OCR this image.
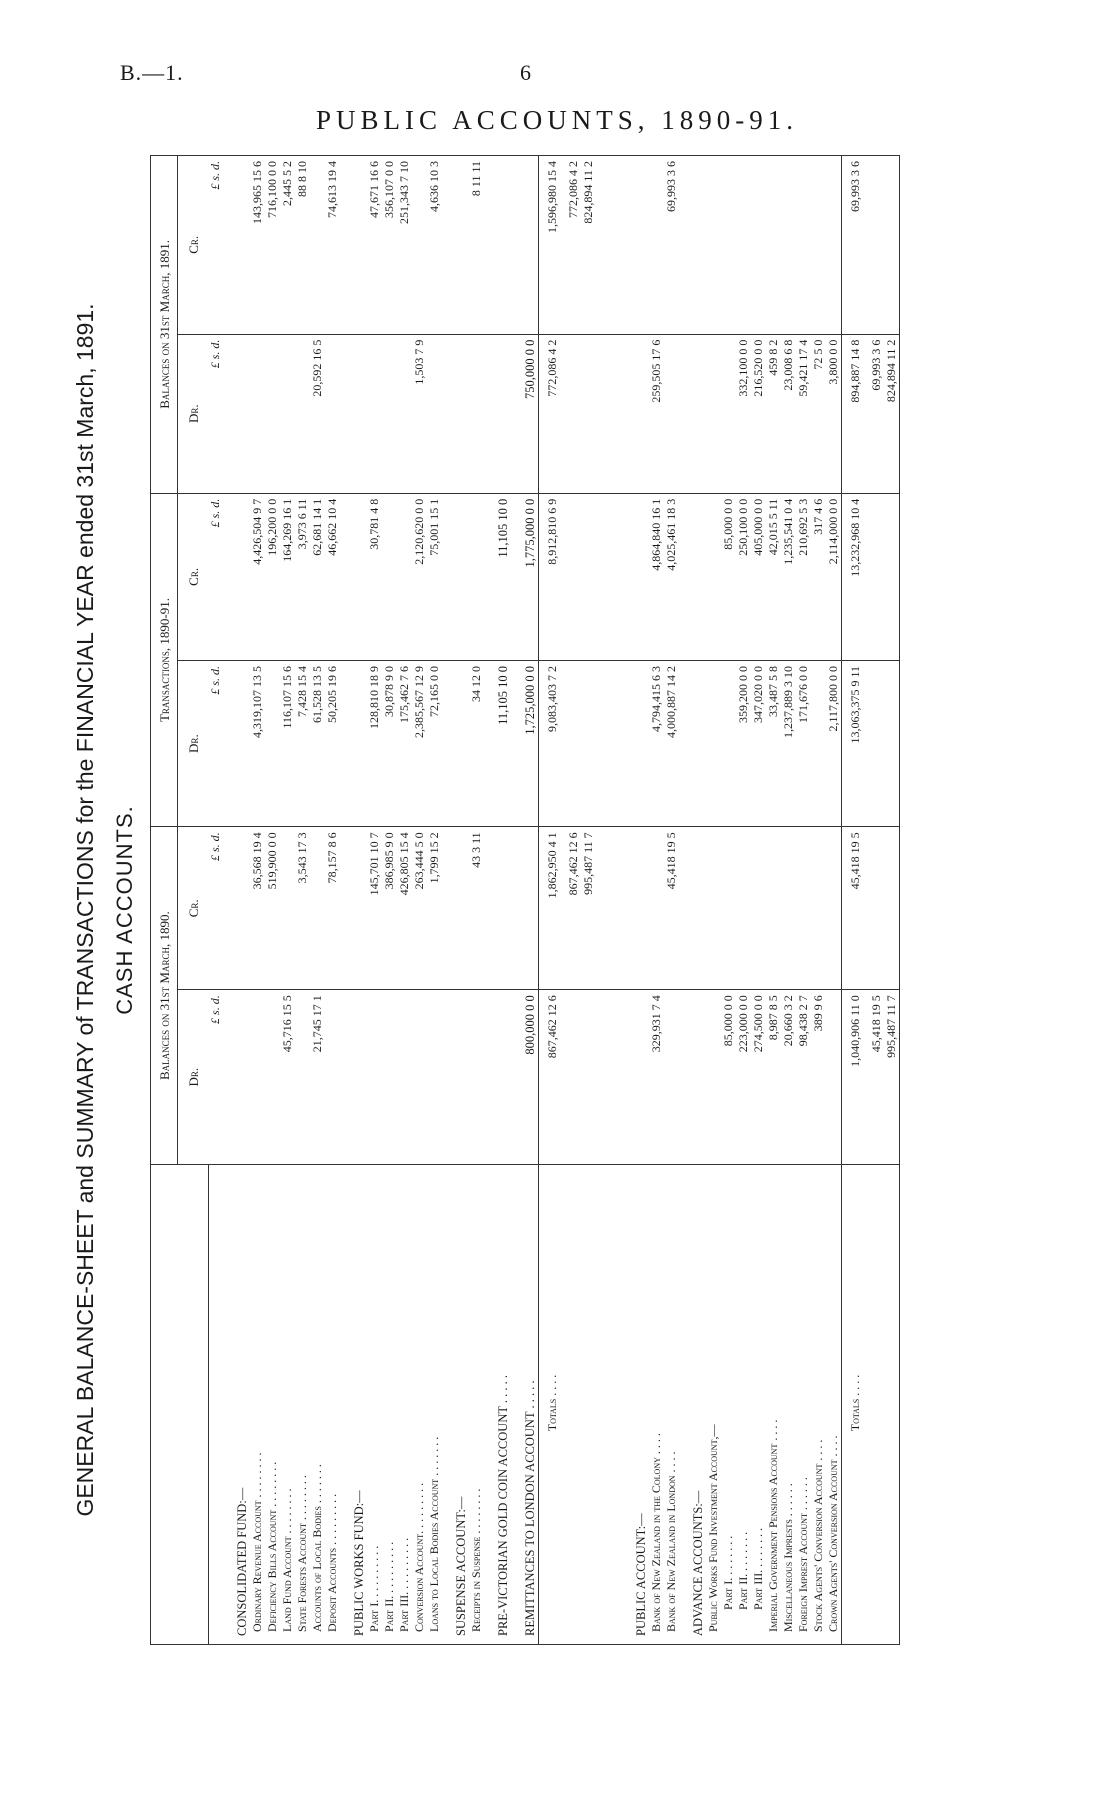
B.—1.	6
PUBLIC ACCOUNTS, 1890-91.
GENERAL BALANCE-SHEET and SUMMARY of TRANSACTIONS for the FINANCIAL YEAR ended 31st March, 1891. CASH ACCOUNTS.
		Balances on 31st March, 1890.		Transactions, 1890-91.		Balances on 31st March, 1891.	
	Dr.	Cr.	Dr.	Cr.	Dr.	Cr.
	£ s. d.	£ s. d.	£ s. d.	£ s. d.	£ s. d.	£ s. d.
CONSOLIDATED FUND:—						
Ordinary Revenue Account . . . . . . . .		36,568 19 4	4,319,107 13 5	4,426,504 9 7		143,965 15 6
Deficiency Bills Account . . . . . . . .		519,900 0 0		196,200 0 0		716,100 0 0
Land Fund Account . . . . . . . .	45,716 15 5		116,107 15 6	164,269 16 1		2,445 5 2
State Forests Account . . . . . . . .		3,543 17 3	7,428 15 4	3,973 6 11		88 8 10
Accounts of Local Bodies . . . . . . .	21,745 17 1		61,528 13 5	62,681 14 1	20,592 16 5	
Deposit Accounts . . . . . . . . .		78,157 8 6	50,205 19 6	46,662 10 4		74,613 19 4
PUBLIC WORKS FUND:—						
Part I. . . . . . . . . .		145,701 10 7	128,810 18 9	30,781 4 8		47,671 16 6
Part II. . . . . . . . . .		386,985 9 0	30,878 9 0			356,107 0 0
Part III. . . . . . . . . .		426,805 15 4	175,462 7 6			251,343 7 10
Conversion Account. . . . . . . . .		263,444 5 0	2,385,567 12 9	2,120,620 0 0	1,503 7 9	
Loans to Local Bodies Account . . . . . . .		1,799 15 2	72,165 0 0	75,001 15 1		4,636 10 3
SUSPENSE ACCOUNT:—						
Receipts in Suspense . . . . . . . .		43 3 11	34 12 0			8 11 11
PRE-VICTORIAN GOLD COIN ACCOUNT . . . . .			11,105 10 0	11,105 10 0		
REMITTANCES TO LONDON ACCOUNT . . . . .	800,000 0 0		1,725,000 0 0	1,775,000 0 0	750,000 0 0	
Totals . . . .	867,462 12 6	1,862,950 4 1	9,083,403 7 2	8,912,810 6 9	772,086 4 2	1,596,980 15 4
		867,462 12 6				772,086 4 2
		995,487 11 7				824,894 11 2

PUBLIC ACCOUNT:—						
Bank of New Zealand in the Colony . . . .	329,931 7 4		4,794,415 6 3	4,864,840 16 1	259,505 17 6	
Bank of New Zealand in London . . . .		45,418 19 5	4,000,887 14 2	4,025,461 18 3		69,993 3 6
ADVANCE ACCOUNTS:—						
Public Works Fund Investment Account,—						
Part I. . . . . . . .	85,000 0 0			85,000 0 0		
Part II. . . . . . . .	223,000 0 0		359,200 0 0	250,100 0 0	332,100 0 0	
Part III. . . . . . . .	274,500 0 0		347,020 0 0	405,000 0 0	216,520 0 0	
Imperial Government Pensions Account . . . .	8,987 8 5		33,487 5 8	42,015 5 11	459 8 2	
Miscellaneous Imprests . . . . . .	20,660 3 2		1,237,889 3 10	1,235,541 0 4	23,008 6 8	
Foreign Imprest Account . . . . . .	98,438 2 7		171,676 0 0	210,692 5 3	59,421 17 4	
Stock Agents' Conversion Account . . . .	389 9 6			317 4 6	72 5 0	
Crown Agents' Conversion Account . . . .			2,117,800 0 0	2,114,000 0 0	3,800 0 0	
Totals . . . .	1,040,906 11 0	45,418 19 5	13,063,375 9 11	13,232,968 10 4	894,887 14 8	69,993 3 6
	45,418 19 5				69,993 3 6	
	995,487 11 7				824,894 11 2	
